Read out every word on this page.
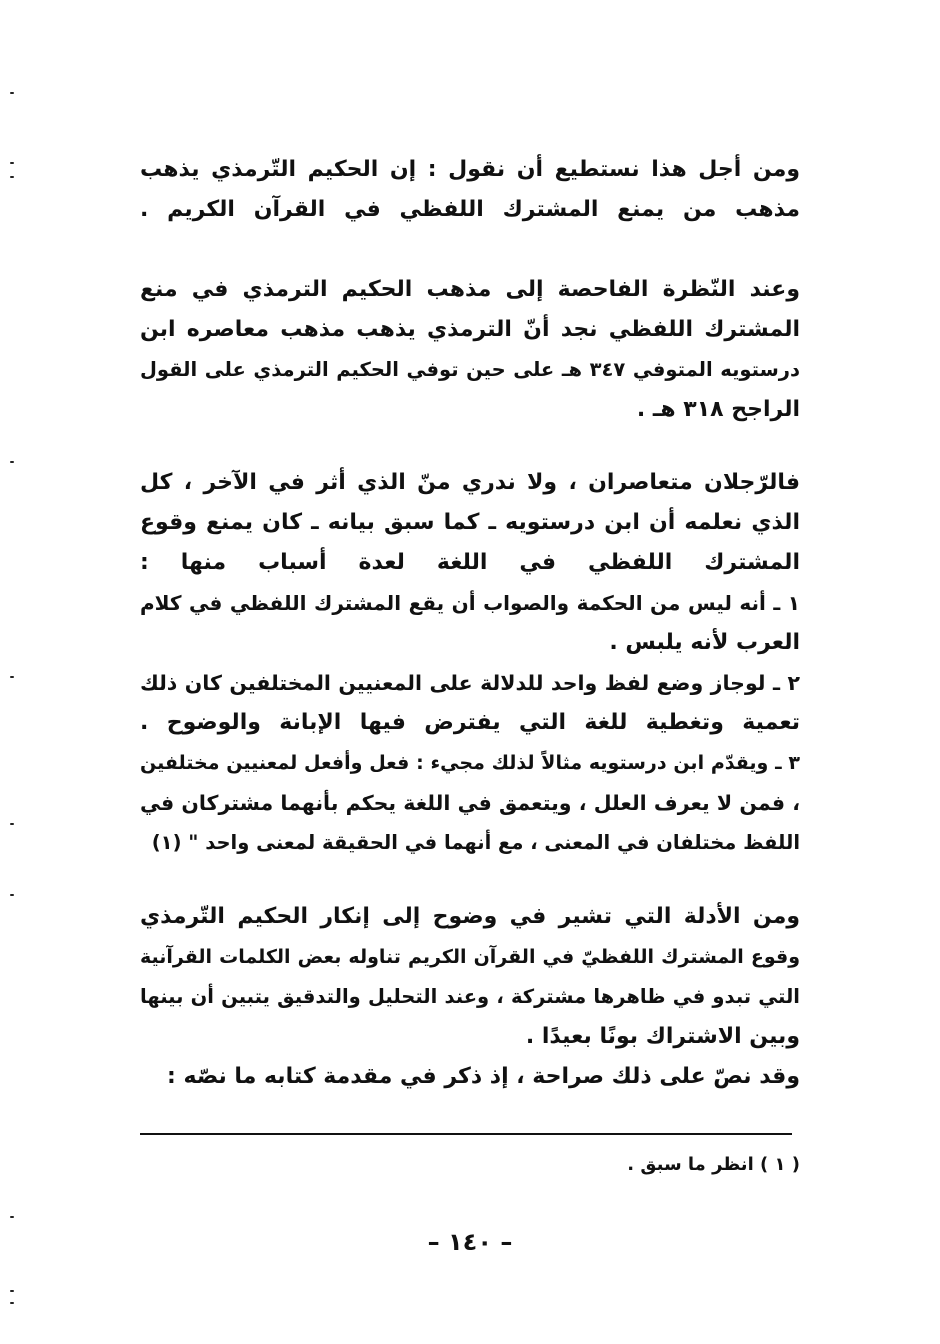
ومن أجل هذا نستطيع أن نقول : إن الحكيم التّرمذي يذهب
مذهب من يمنع المشترك اللفظي في القرآن الكريم .
وعند النّظرة الفاحصة إلى مذهب الحكيم الترمذي في منع
المشترك اللفظي نجد أنّ الترمذي يذهب مذهب معاصره ابن
درستويه المتوفي ٣٤٧ هـ على حين توفي الحكيم الترمذي على القول
الراجح ٣١٨ هـ .
فالرّجلان متعاصران ، ولا ندري منّ الذي أثر في الآخر ، كل
الذي نعلمه أن ابن درستويه ـ كما سبق بيانه ـ كان يمنع وقوع
المشترك اللفظي في اللغة لعدة أسباب منها :
١ ـ أنه ليس من الحكمة والصواب أن يقع المشترك اللفظي في كلام
العرب لأنه يلبس .
٢ ـ لوجاز وضع لفظ واحد للدلالة على المعنيين المختلفين كان ذلك
تعمية وتغطية للغة التي يفترض فيها الإبانة والوضوح .
٣ ـ ويقدّم ابن درستويه مثالاً لذلك مجيء : فعل وأفعل لمعنيين مختلفين
، فمن لا يعرف العلل ، ويتعمق في اللغة يحكم بأنهما مشتركان في
اللفظ مختلفان في المعنى ، مع أنهما في الحقيقة لمعنى واحد " (١)
ومن الأدلة التي تشير في وضوح إلى إنكار الحكيم التّرمذي
وقوع المشترك اللفظيّ في القرآن الكريم تناوله بعض الكلمات القرآنية
التي تبدو في ظاهرها مشتركة ، وعند التحليل والتدقيق يتبين أن بينها
وبين الاشتراك بونًا بعيدًا .
وقد نصّ على ذلك صراحة ، إذ ذكر في مقدمة كتابه ما نصّه :
( ١ ) انظر ما سبق .
– ١٤٠ –
